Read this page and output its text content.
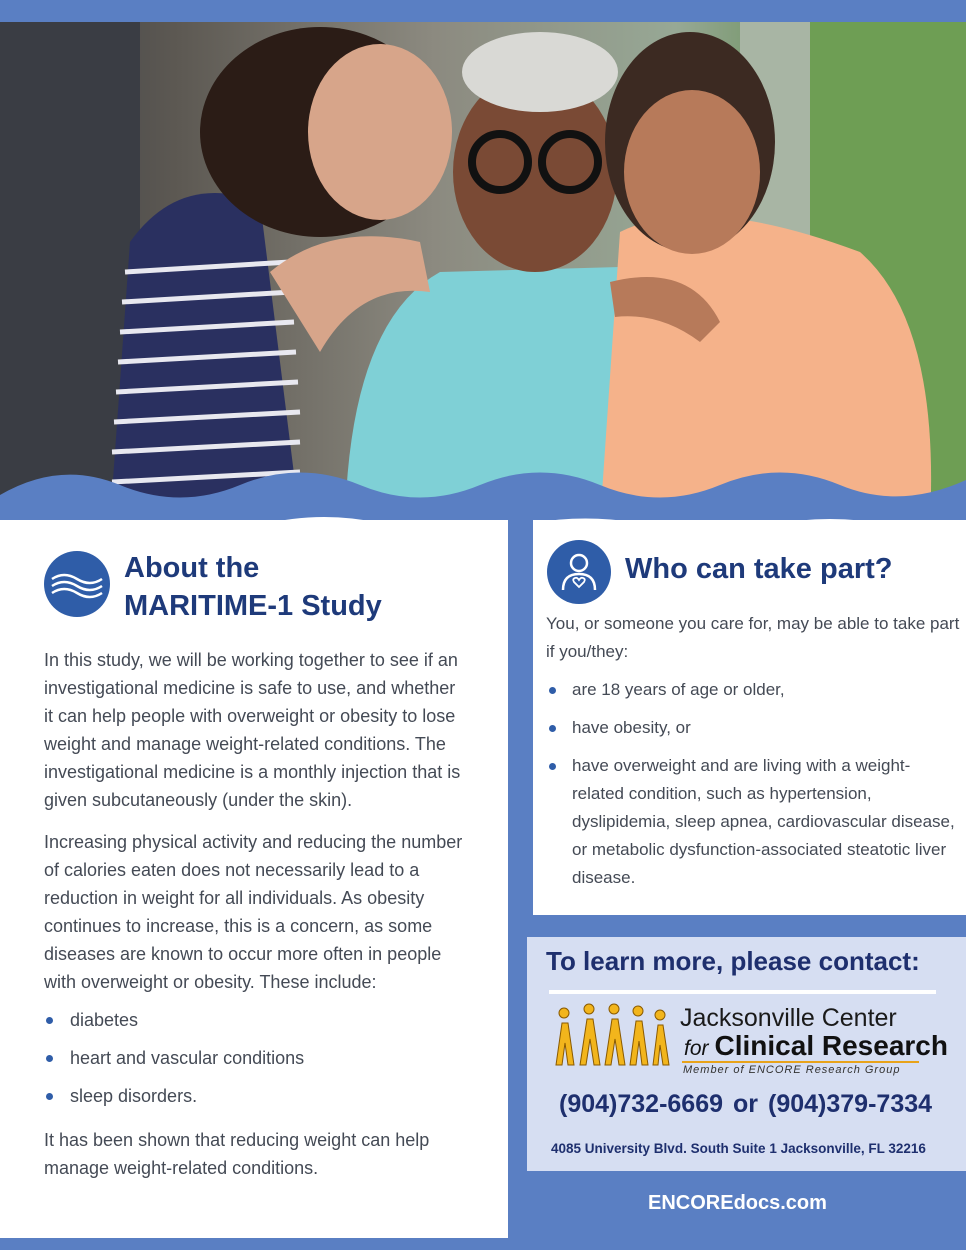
About the
MARITIME-1 Study

In this study, we will be working together to see if an investigational medicine is safe to use, and whether it can help people with overweight or obesity to lose weight and manage weight-related conditions. The investigational medicine is a monthly injection that is given subcutaneously (under the skin).

Increasing physical activity and reducing the number of calories eaten does not necessarily lead to a reduction in weight for all individuals. As obesity continues to increase, this is a concern, as some diseases are known to occur more often in people with overweight or obesity. These include:

diabetes
heart and vascular conditions
sleep disorders.

It has been shown that reducing weight can help manage weight-related conditions.

Who can take part?

You, or someone you care for, may be able to take part if you/they:

are 18 years of age or older,
have obesity, or
have overweight and are living with a weight-related condition, such as hypertension, dyslipidemia, sleep apnea, cardiovascular disease, or metabolic dysfunction-associated steatotic liver disease.
To learn more, please contact:
Jacksonville Center
for Clinical Research
Member of ENCORE Research Group
(904)732-6669 or (904)379-7334
4085 University Blvd. South Suite 1 Jacksonville, FL 32216
ENCOREdocs.com
